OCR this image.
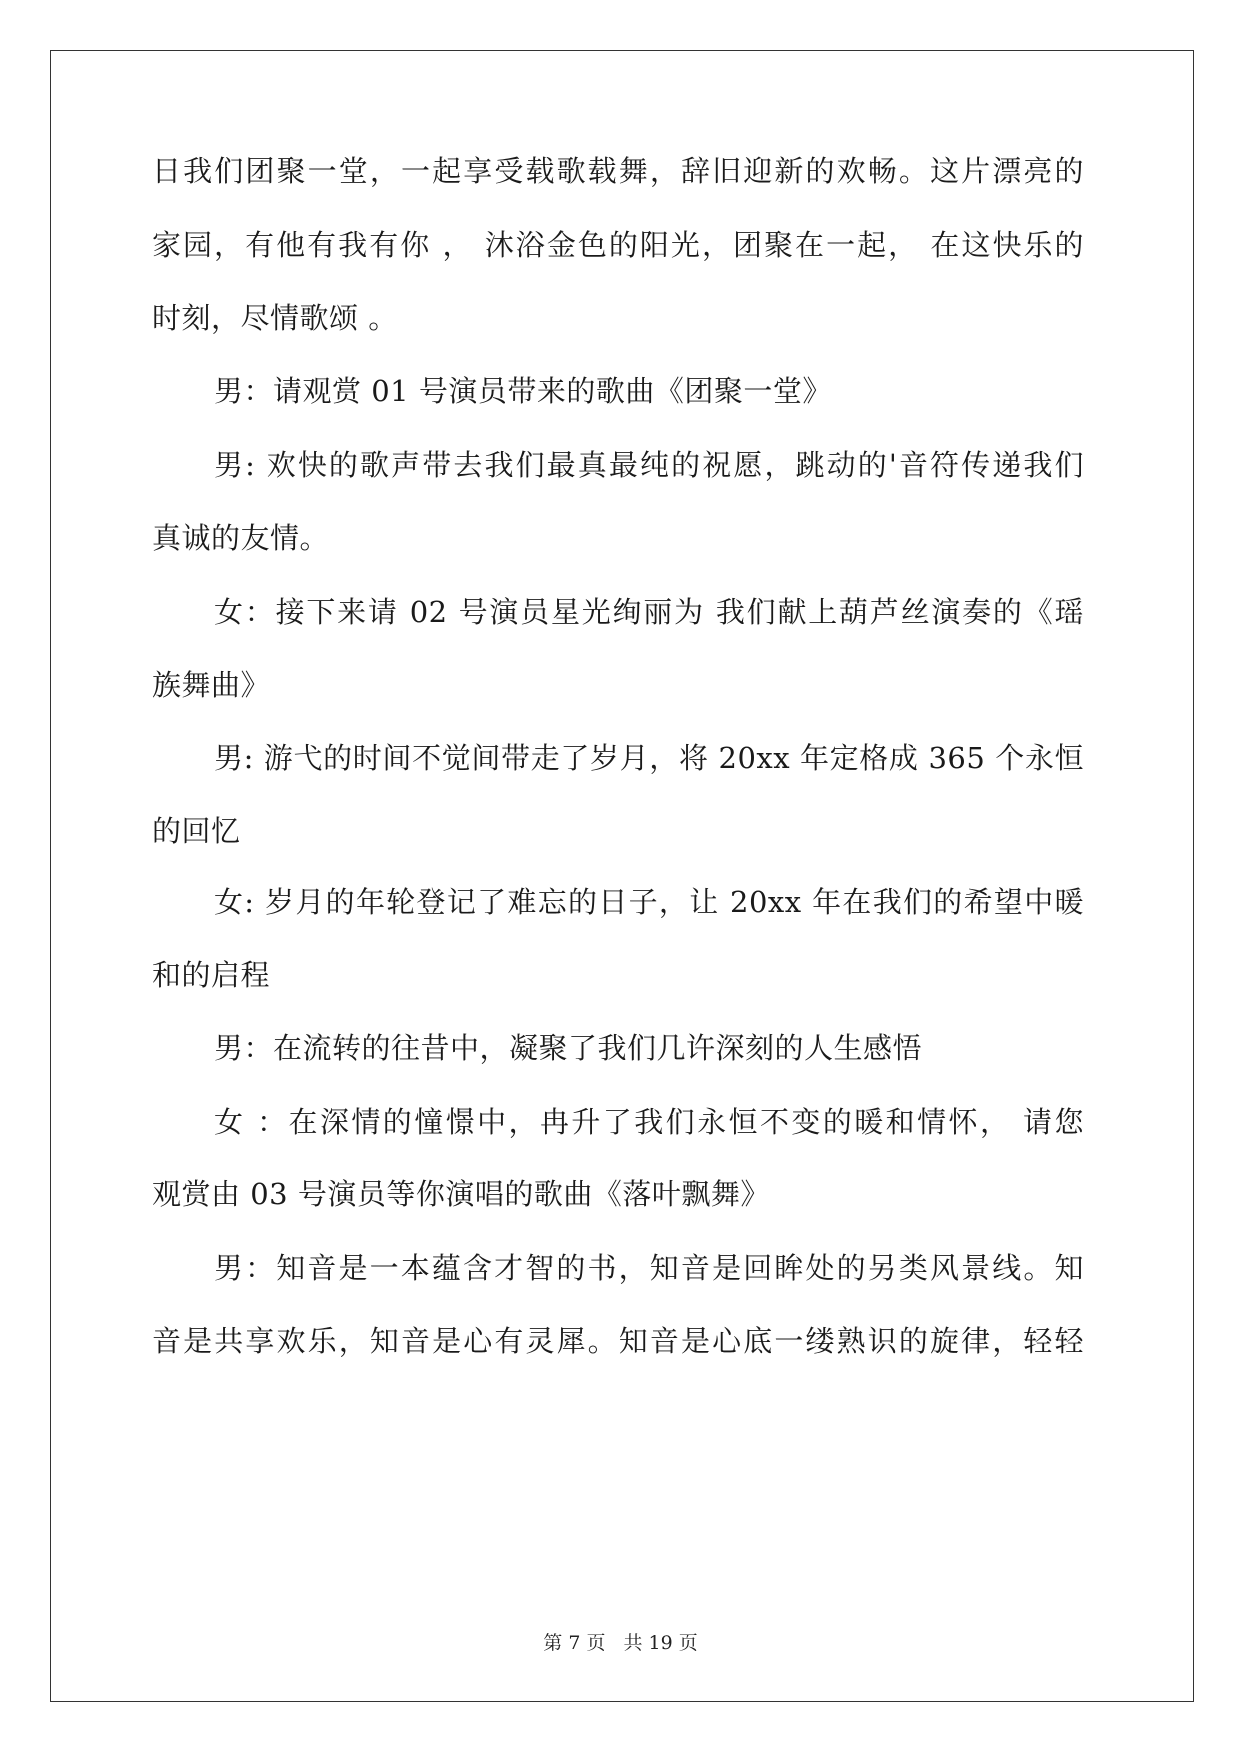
日我们团聚一堂，一起享受载歌载舞，辞旧迎新的欢畅。这片漂亮的
家园，有他有我有你 ， 沐浴金色的阳光，团聚在一起， 在这快乐的
时刻，尽情歌颂 。
男：请观赏 01 号演员带来的歌曲《团聚一堂》
男: 欢快的歌声带去我们最真最纯的祝愿，跳动的'音符传递我们
真诚的友情。
女：接下来请 02 号演员星光绚丽为 我们献上葫芦丝演奏的《瑶
族舞曲》
男: 游弋的时间不觉间带走了岁月，将 20xx 年定格成 365 个永恒
的回忆
女: 岁月的年轮登记了难忘的日子，让 20xx 年在我们的希望中暖
和的启程
男：在流转的往昔中，凝聚了我们几许深刻的人生感悟
女 ：在深情的憧憬中，冉升了我们永恒不变的暖和情怀， 请您
观赏由 03 号演员等你演唱的歌曲《落叶飘舞》
男：知音是一本蕴含才智的书，知音是回眸处的另类风景线。知
音是共享欢乐，知音是心有灵犀。知音是心底一缕熟识的旋律，轻轻
第 7 页 共 19 页
